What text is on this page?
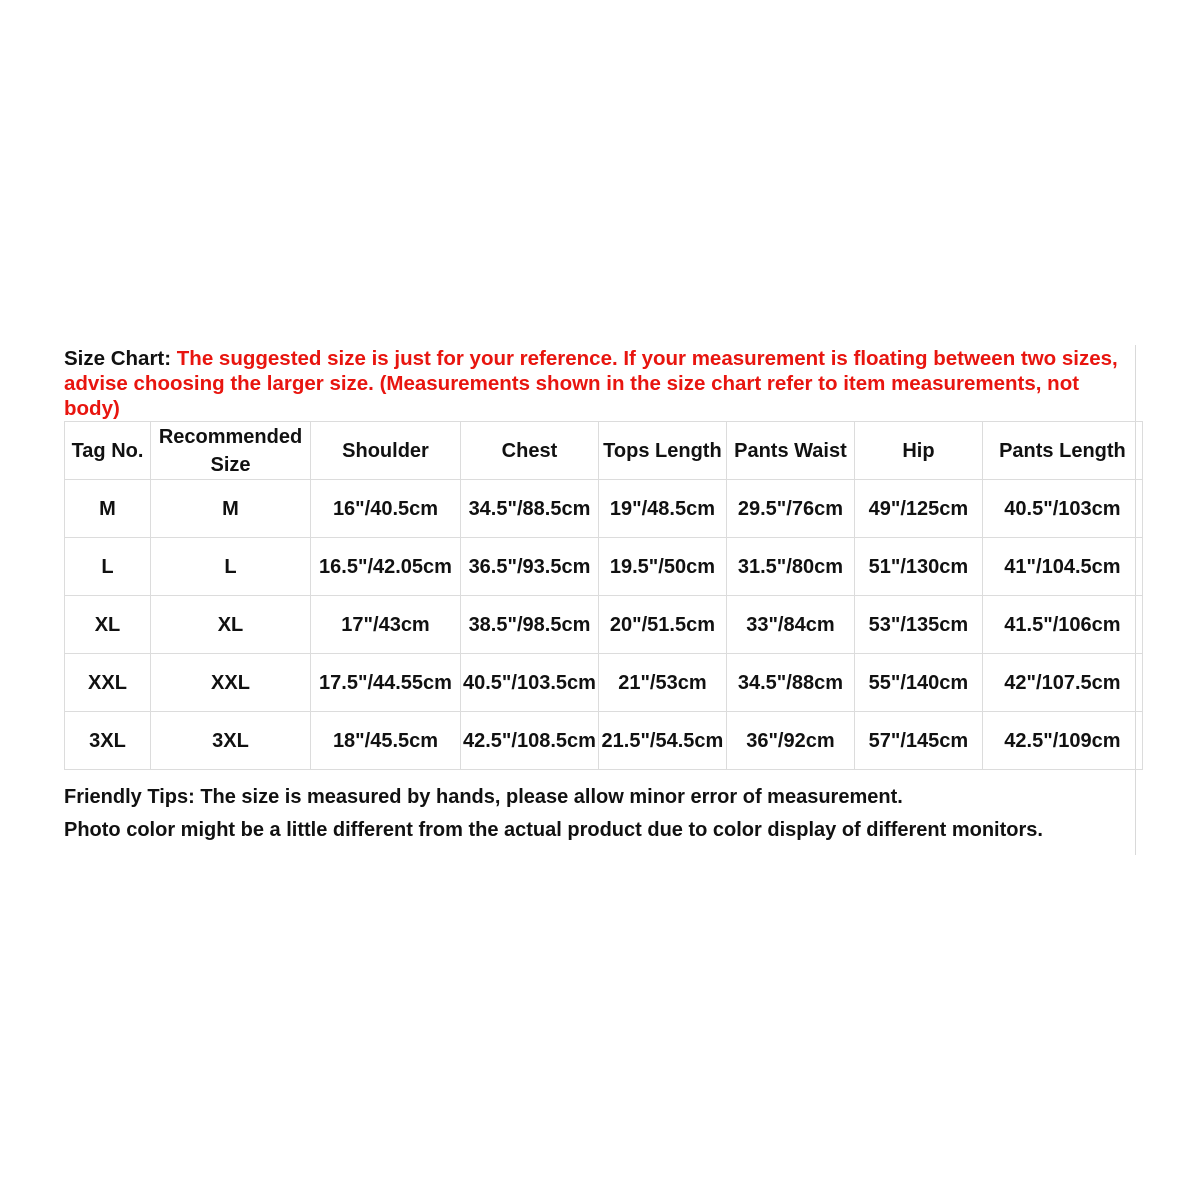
Size Chart: The suggested size is just for your reference. If your measurement is floating between two sizes, advise choosing the larger size. (Measurements shown in the size chart refer to item measurements, not body)

Tag No.	Recommended Size	Shoulder	Chest	Tops Length	Pants Waist	Hip	Pants Length
M	M	16"/40.5cm	34.5"/88.5cm	19"/48.5cm	29.5"/76cm	49"/125cm	40.5"/103cm
L	L	16.5"/42.05cm	36.5"/93.5cm	19.5"/50cm	31.5"/80cm	51"/130cm	41"/104.5cm
XL	XL	17"/43cm	38.5"/98.5cm	20"/51.5cm	33"/84cm	53"/135cm	41.5"/106cm
XXL	XXL	17.5"/44.55cm	40.5"/103.5cm	21"/53cm	34.5"/88cm	55"/140cm	42"/107.5cm
3XL	3XL	18"/45.5cm	42.5"/108.5cm	21.5"/54.5cm	36"/92cm	57"/145cm	42.5"/109cm

Friendly Tips: The size is measured by hands, please allow minor error of measurement.

Photo color might be a little different from the actual product due to color display of different monitors.
